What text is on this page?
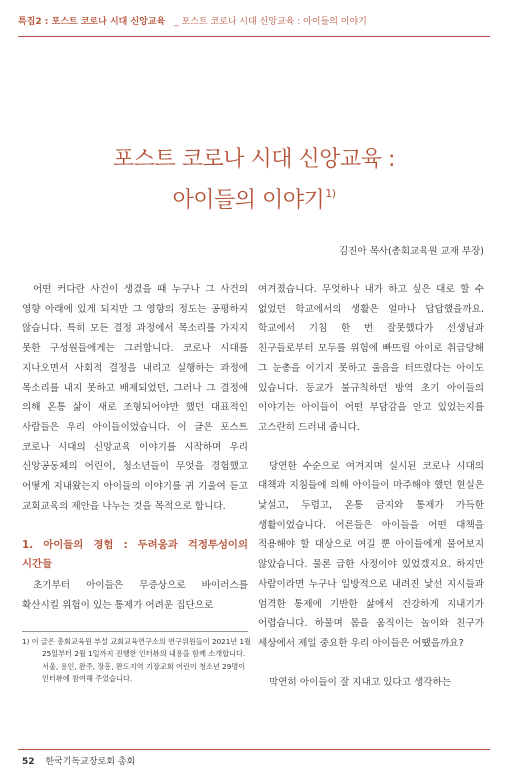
특집2 : 포스트 코로나 시대 신앙교육 _ 포스트 코로나 시대 신앙교육 : 아이들의 이야기
포스트 코로나 시대 신앙교육 :
아이들의 이야기$^{1)}$
김진아 목사(총회교육원 교재 부장)

어떤 커다란 사건이 생겼을 때 누구나 그 사건의 영향 아래에 있게 되지만 그 영향의 정도는 공평하지 않습니다. 특히 모든 결정 과정에서 목소리를 가지지 못한 구성원들에게는 그러합니다. 코로나 시대를 지나오면서 사회적 결정을 내리고 실행하는 과정에 목소리를 내지 못하고 배제되었던, 그러나 그 결정에 의해 온통 삶이 새로 조형되어야만 했던 대표적인 사람들은 우리 아이들이었습니다. 이 글은 포스트 코로나 시대의 신앙교육 이야기를 시작하며 우리 신앙공동체의 어린이, 청소년들이 무엇을 경험했고 어떻게 지내왔는지 아이들의 이야기를 귀 기울여 듣고 교회교육의 제안을 나누는 것을 목적으로 합니다.

1. 아이들의 경험 : 두려움과 걱정투성이의 시간들

초기부터 아이들은 무증상으로 바이러스를 확산시킬 위험이 있는 통제가 어려운 집단으로

여겨졌습니다. 무엇하나 내가 하고 싶은 대로 할 수 없었던 학교에서의 생활은 얼마나 답답했을까요. 학교에서 기침 한 번 잘못했다가 선생님과 친구들로부터 모두를 위험에 빠뜨릴 아이로 취급당해 그 눈총을 이기지 못하고 울음을 터뜨렸다는 아이도 있습니다. 등교가 불규칙하던 방역 초기 아이들의 이야기는 아이들이 어떤 부담감을 안고 있었는지를 고스란히 드러내 줍니다.

당연한 수순으로 여겨지며 실시된 코로나 시대의 대책과 지침들에 의해 아이들이 마주해야 했던 현실은 낯설고, 두렵고, 온통 금지와 통제가 가득한 생활이었습니다. 어른들은 아이들을 어떤 대책을 적용해야 할 대상으로 여길 뿐 아이들에게 물어보지 않았습니다. 물론 급한 사정이야 있었겠지요. 하지만 사람이라면 누구나 일방적으로 내려진 낯선 지시들과 엄격한 통제에 기반한 삶에서 건강하게 지내기가 어렵습니다. 하물며 몸을 움직이는 놀이와 친구가 세상에서 제일 중요한 우리 아이들은 어땠을까요?

막연히 아이들이 잘 지내고 있다고 생각하는

1) 이 글은 총회교육원 부설 교회교육연구소의 연구위원들이 2021년 1월 25일부터 2월 1일까지 진행한 인터뷰의 내용을 함께 소개합니다. 서울, 용인, 완주, 장흥, 완도지역 기장교회 어린이 청소년 29명이 인터뷰에 참여해 주었습니다.
52 한국기독교장로회 총회
